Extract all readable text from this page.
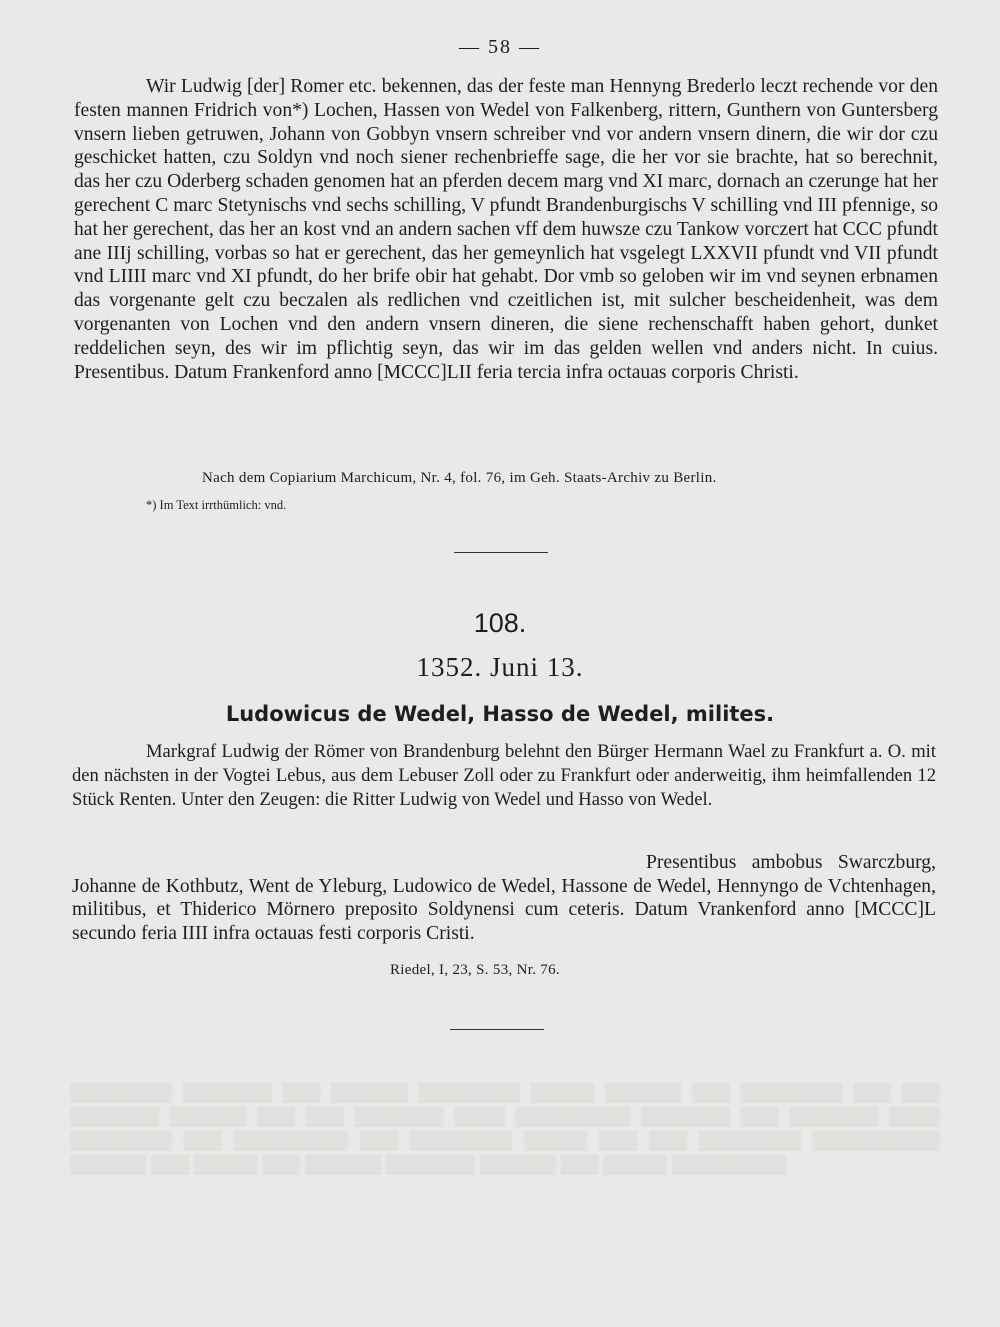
▒▒▒▒▒▒▒▒ ▒▒▒▒▒▒▒ ▒▒▒ ▒▒▒▒▒▒ ▒▒▒▒▒▒▒▒ ▒▒▒▒▒ ▒▒▒▒▒▒ ▒▒▒ ▒▒▒▒▒▒▒▒ ▒▒▒ ▒▒▒ ▒▒▒▒▒▒▒ ▒▒▒▒▒▒ ▒▒▒ ▒▒▒ ▒▒▒▒▒▒▒ ▒▒▒▒ ▒▒▒▒▒▒▒▒▒ ▒▒▒▒▒▒▒ ▒▒▒ ▒▒▒▒▒▒▒ ▒▒▒▒ ▒▒▒▒▒▒▒▒ ▒▒▒ ▒▒▒▒▒▒▒▒▒ ▒▒▒ ▒▒▒▒▒▒▒▒ ▒▒▒▒▒ ▒▒▒ ▒▒▒ ▒▒▒▒▒▒▒▒ ▒▒▒▒▒▒▒▒▒▒ ▒▒▒▒▒▒ ▒▒▒ ▒▒▒▒▒ ▒▒▒ ▒▒▒▒▒▒ ▒▒▒▒▒▒▒ ▒▒▒▒▒▒ ▒▒▒ ▒▒▒▒▒ ▒▒▒▒▒▒▒▒▒
— 58 —
Wir Ludwig [der] Romer etc. bekennen, das der feste man Hennyng Brederlo leczt rechende vor den festen mannen Fridrich von*) Lochen, Hassen von Wedel von Falkenberg, rittern, Gunthern von Guntersberg vnsern lieben getruwen, Johann von Gobbyn vnsern schreiber vnd vor andern vnsern dinern, die wir dor czu geschicket hatten, czu Soldyn vnd noch siener rechenbrieffe sage, die her vor sie brachte, hat so berechnit, das her czu Oderberg schaden genomen hat an pferden decem marg vnd XI marc, dornach an czerunge hat her gerechent C marc Stetynischs vnd sechs schilling, V pfundt Brandenburgischs V schilling vnd III pfennige, so hat her gerechent, das her an kost vnd an andern sachen vff dem huwsze czu Tankow vorczert hat CCC pfundt ane IIIj schilling, vorbas so hat er gerechent, das her gemeynlich hat vsgelegt LXXVII pfundt vnd VII pfundt vnd LIIII marc vnd XI pfundt, do her brife obir hat gehabt. Dor vmb so geloben wir im vnd seynen erbnamen das vorgenante gelt czu beczalen als redlichen vnd czeitlichen ist, mit sulcher bescheidenheit, was dem vorgenanten von Lochen vnd den andern vnsern dineren, die siene rechenschafft haben gehort, dunket reddelichen seyn, des wir im pflichtig seyn, das wir im das gelden wellen vnd anders nicht. In cuius. Presentibus. Datum Frankenford anno [MCCC]LII feria tercia infra octauas corporis Christi.
Nach dem Copiarium Marchicum, Nr. 4, fol. 76, im Geh. Staats-Archiv zu Berlin.
*) Im Text irrthümlich: vnd.
108.
1352. Juni 13.
Ludowicus de Wedel, Hasso de Wedel, milites.
Markgraf Ludwig der Römer von Brandenburg belehnt den Bürger Hermann Wael zu Frankfurt a. O. mit den nächsten in der Vogtei Lebus, aus dem Lebuser Zoll oder zu Frankfurt oder anderweitig, ihm heimfallenden 12 Stück Renten. Unter den Zeugen: die Ritter Ludwig von Wedel und Hasso von Wedel.
Presentibus ambobus Swarczburg, Johanne de Kothbutz, Went de Yleburg, Ludowico de Wedel, Hassone de Wedel, Hennyngo de Vchtenhagen, militibus, et Thiderico Mörnero preposito Soldynensi cum ceteris. Datum Vrankenford anno [MCCC]L secundo feria IIII infra octauas festi corporis Cristi.
Riedel, I, 23, S. 53, Nr. 76.
